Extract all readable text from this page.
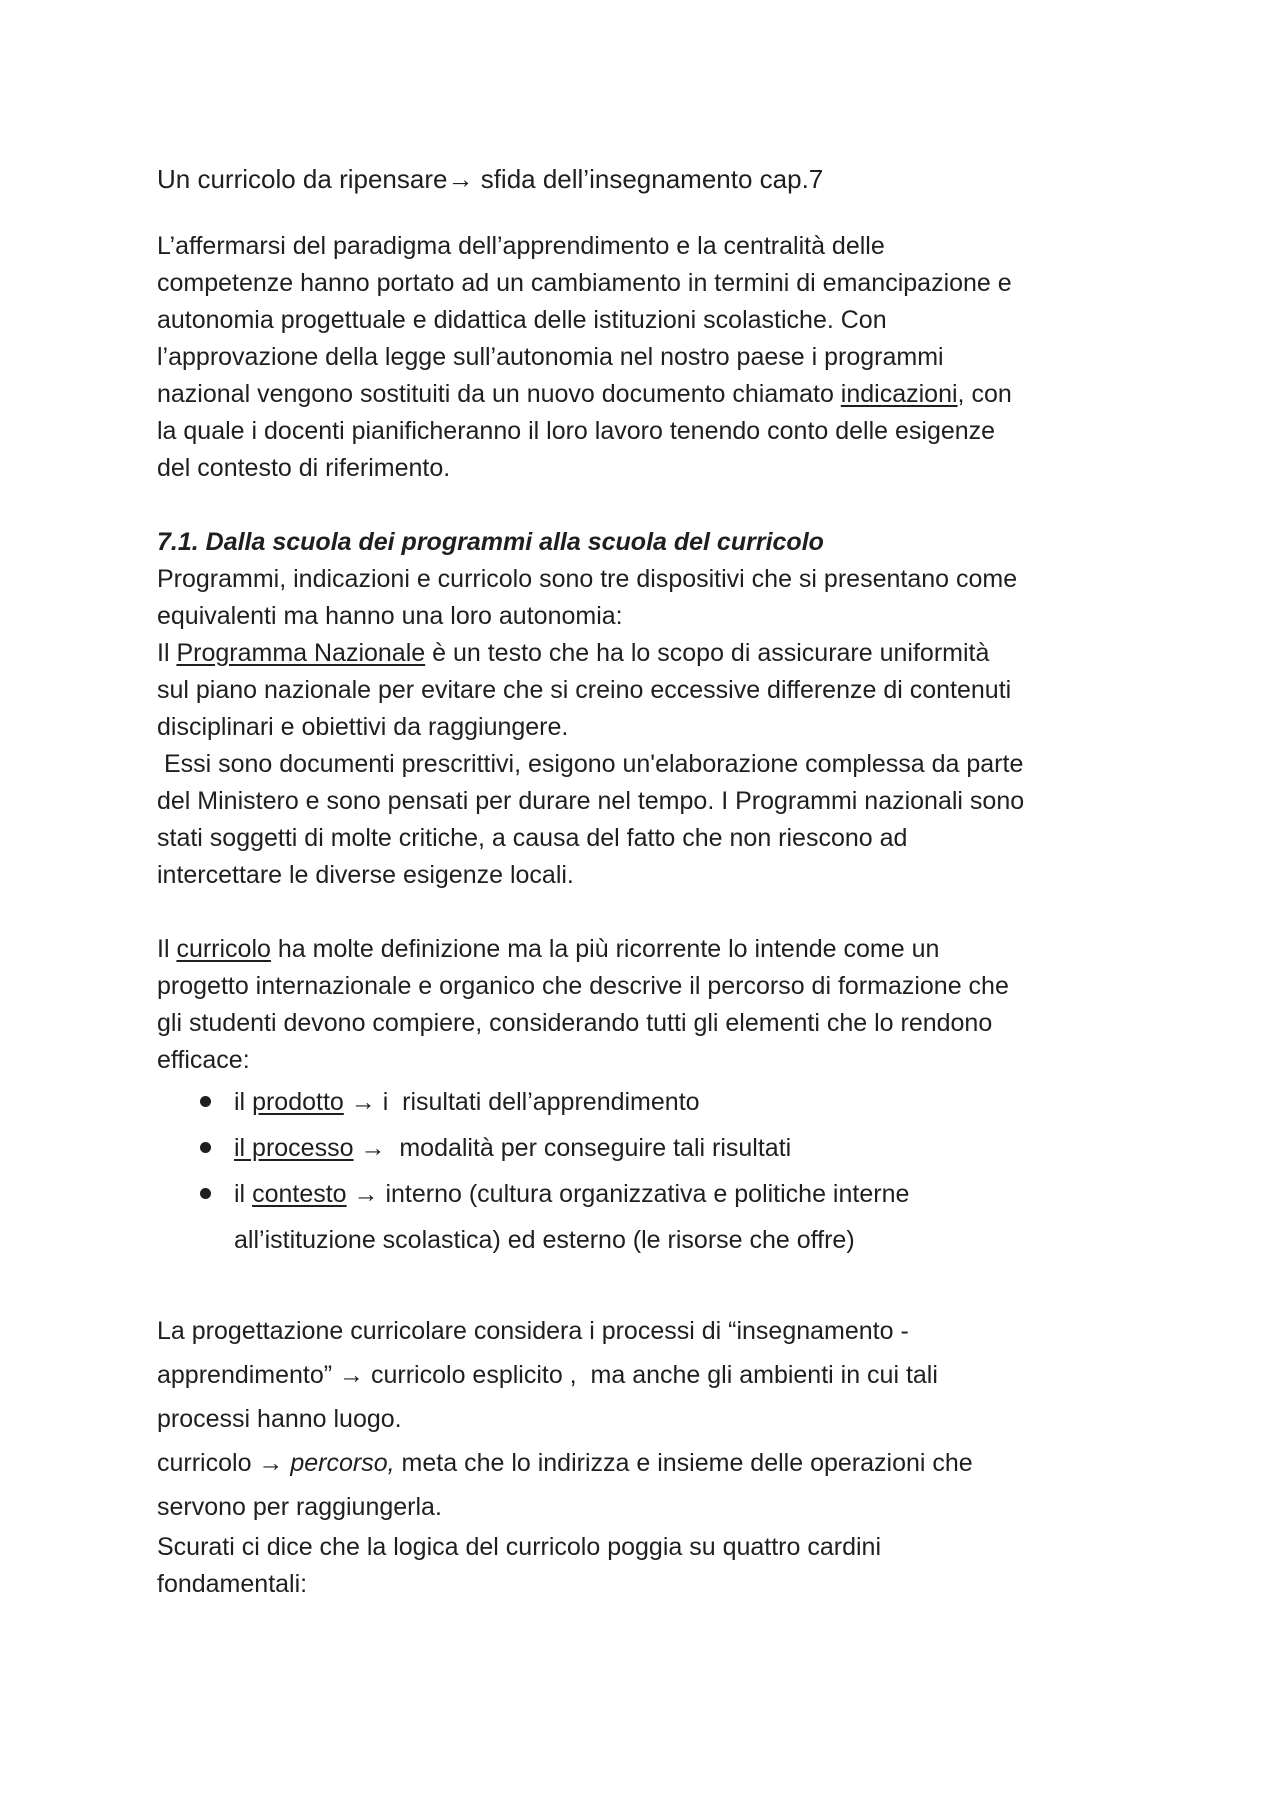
Un curricolo da ripensare→ sfida dell’insegnamento cap.7

L’affermarsi del paradigma dell’apprendimento e la centralità delle

competenze hanno portato ad un cambiamento in termini di emancipazione e

autonomia progettuale e didattica delle istituzioni scolastiche. Con

l’approvazione della legge sull’autonomia nel nostro paese i programmi

nazional vengono sostituiti da un nuovo documento chiamato indicazioni, con

la quale i docenti pianificheranno il loro lavoro tenendo conto delle esigenze

del contesto di riferimento.

7.1. Dalla scuola dei programmi alla scuola del curricolo

Programmi, indicazioni e curricolo sono tre dispositivi che si presentano come

equivalenti ma hanno una loro autonomia:

Il Programma Nazionale è un testo che ha lo scopo di assicurare uniformità

sul piano nazionale per evitare che si creino eccessive differenze di contenuti

disciplinari e obiettivi da raggiungere.

Essi sono documenti prescrittivi, esigono un'elaborazione complessa da parte

del Ministero e sono pensati per durare nel tempo. I Programmi nazionali sono

stati soggetti di molte critiche, a causa del fatto che non riescono ad

intercettare le diverse esigenze locali.

Il curricolo ha molte definizione ma la più ricorrente lo intende come un

progetto internazionale e organico che descrive il percorso di formazione che

gli studenti devono compiere, considerando tutti gli elementi che lo rendono

efficace:

il prodotto → i  risultati dell’apprendimento
il processo →  modalità per conseguire tali risultati
il contesto → interno (cultura organizzativa e politiche interne
all’istituzione scolastica) ed esterno (le risorse che offre)

La progettazione curricolare considera i processi di “insegnamento -

apprendimento” → curricolo esplicito ,  ma anche gli ambienti in cui tali

processi hanno luogo.

curricolo → percorso, meta che lo indirizza e insieme delle operazioni che

servono per raggiungerla.

Scurati ci dice che la logica del curricolo poggia su quattro cardini

fondamentali:
